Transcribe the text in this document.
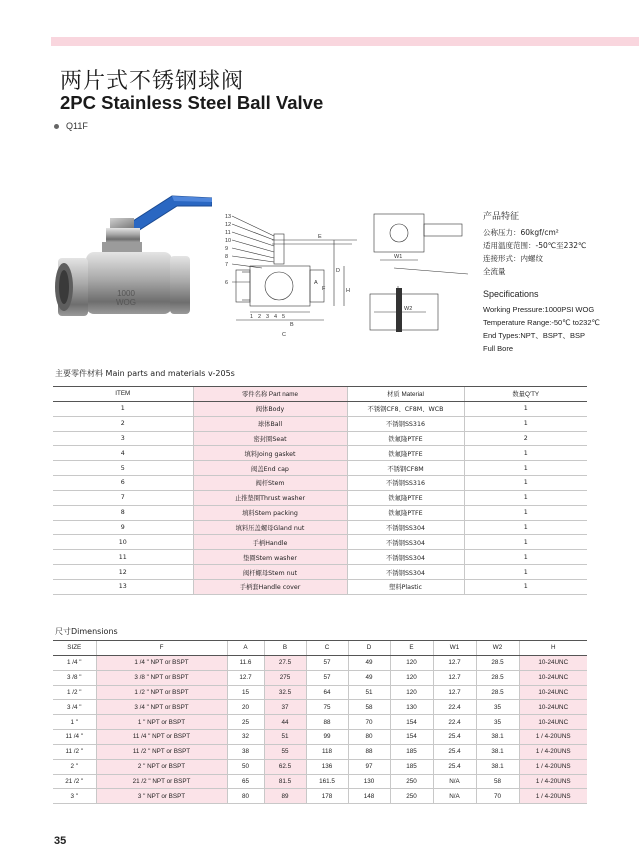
两片式不锈钢球阀
2PC Stainless Steel Ball Valve
Q11F
1000
WOG
13
12
11
10
9
8
7
6
1 2 3 4 5
E
D
H
F
A
B
C
W1
W2
产品特征
公称压力：60kgf/cm²
适用温度范围：-50℃至232℃
连接形式：内螺纹
全流量
Specifications
Working Pressure:1000PSI WOG
Temperature Range:-50℃ to232℃
End Types:NPT、BSPT、BSP
Full Bore
主要零件材料 Main parts and materials v-205s
ITEM	零件名称 Part name	材质 Material	数量Q'TY
1	阀体Body	不锈钢CF8、CF8M、WCB	1
2	球体Ball	不锈钢SS316	1
3	密封圈Seat	铁氟隆PTFE	2
4	填料Joing gasket	铁氟隆PTFE	1
5	阀盖End cap	不锈钢CF8M	1
6	阀杆Stem	不锈钢SS316	1
7	止推垫圈Thrust washer	铁氟隆PTFE	1
8	填料Stem packing	铁氟隆PTFE	1
9	填料压盖螺母Gland nut	不锈钢SS304	1
10	手柄Handle	不锈钢SS304	1
11	垫圈Stem washer	不锈钢SS304	1
12	阀杆螺母Stem nut	不锈钢SS304	1
13	手柄套Handle cover	塑料Plastic	1
尺寸Dimensions
SIZE	F	A	B	C	D	E	W1	W2	H
1 /4 "	1 /4 " NPT or BSPT	11.6	27.5	57	49	120	12.7	28.5	10-24UNC
3 /8 "	3 /8 " NPT or BSPT	12.7	275	57	49	120	12.7	28.5	10-24UNC
1 /2 "	1 /2 " NPT or BSPT	15	32.5	64	51	120	12.7	28.5	10-24UNC
3 /4 "	3 /4 " NPT or BSPT	20	37	75	58	130	22.4	35	10-24UNC
1 "	1 " NPT or BSPT	25	44	88	70	154	22.4	35	10-24UNC
11 /4 "	11 /4 " NPT or BSPT	32	51	99	80	154	25.4	38.1	1 / 4-20UNS
11 /2 "	11 /2 " NPT or BSPT	38	55	118	88	185	25.4	38.1	1 / 4-20UNS
2 "	2 " NPT or BSPT	50	62.5	136	97	185	25.4	38.1	1 / 4-20UNS
21 /2 "	21 /2 " NPT or BSPT	65	81.5	161.5	130	250	N/A	58	1 / 4-20UNS
3 "	3 " NPT or BSPT	80	89	178	148	250	N/A	70	1 / 4-20UNS
35
